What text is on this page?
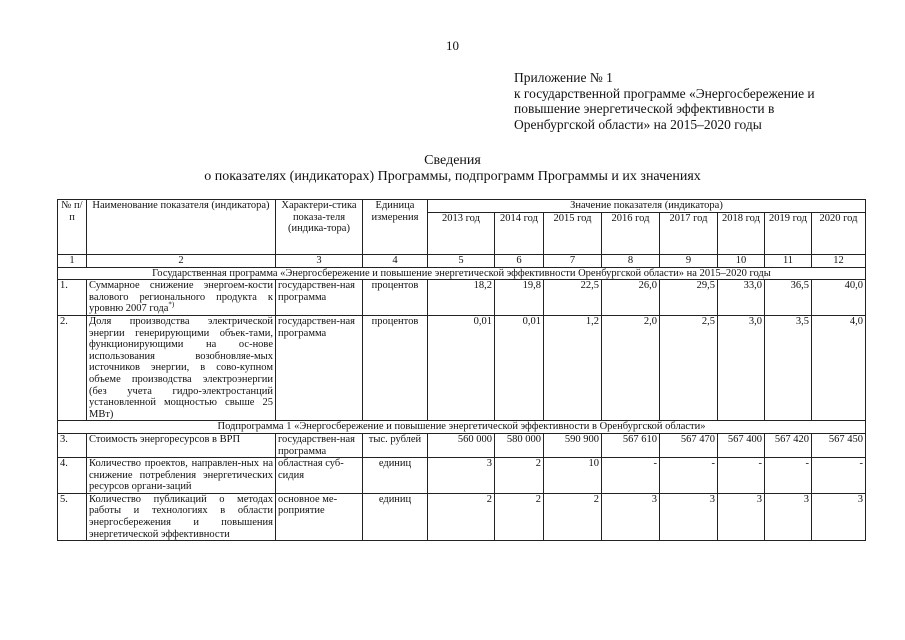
10
Приложение № 1
к государственной программе «Энергосбережение и
повышение энергетической эффективности в
Оренбургской области» на 2015–2020 годы
Сведения
о показателях (индикаторах) Программы, подпрограмм Программы и их значениях
№ п/п	Наименование показателя (индикатора)	Характери-стика показа-теля (индика-тора)	Единица измерения	Значение показателя (индикатора)							
				2013 год	2014 год	2015 год	2016 год	2017 год	2018 год	2019 год	2020 год
1	2	3	4	5	6	7	8	9	10	11	12
Государственная программа «Энергосбережение и повышение энергетической эффективности Оренбургской области» на 2015–2020 годы											
1.	Суммарное снижение энергоем-кости валового регионального продукта к уровню 2007 года*)	государствен-ная программа	процентов	18,2	19,8	22,5	26,0	29,5	33,0	36,5	40,0
2.	Доля производства электрической энергии генерирующими объек-тами, функционирующими на ос-нове использования возобновляе-мых источников энергии, в сово-купном объеме производства электроэнергии (без учета гидро-электростанций установленной мощностью свыше 25 МВт)	государствен-ная программа	процентов	0,01	0,01	1,2	2,0	2,5	3,0	3,5	4,0
Подпрограмма 1 «Энергосбережение и повышение энергетической эффективности в Оренбургской области»											
3.	Стоимость энергоресурсов в ВРП	государствен-ная программа	тыс. рублей	560 000	580 000	590 900	567 610	567 470	567 400	567 420	567 450
4.	Количество проектов, направлен-ных на снижение потребления энергетических ресурсов органи-заций	областная суб-сидия	единиц	3	2	10	-	-	-	-	-
5.	Количество публикаций о методах работы и технологиях в области энергосбережения и повышения энергетической эффективности	основное ме-роприятие	единиц	2	2	2	3	3	3	3	3
